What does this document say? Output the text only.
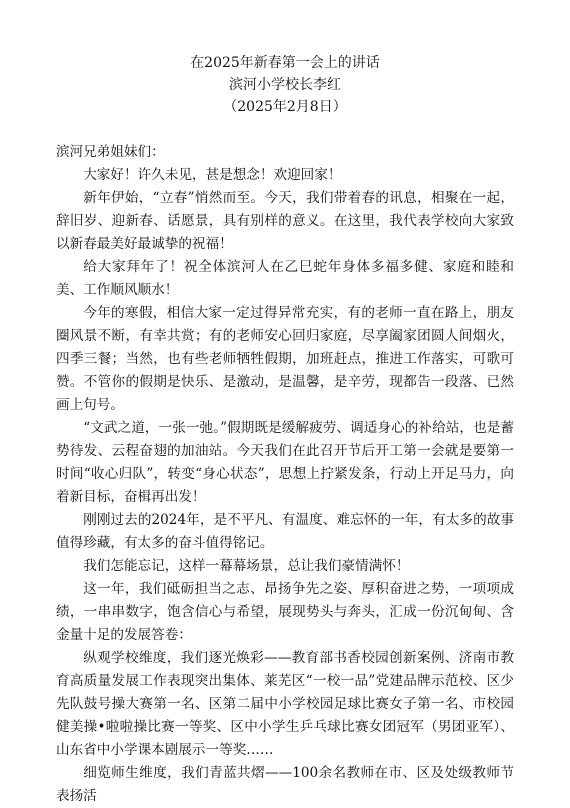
在2025年新春第一会上的讲话

滨河小学校长李红

（2025年2月8日）

滨河兄弟姐妹们：

大家好！许久未见，甚是想念！欢迎回家！

新年伊始，“立春”悄然而至。今天，我们带着春的讯息，相聚在一起，辞旧岁、迎新春、话愿景，具有别样的意义。在这里，我代表学校向大家致以新春最美好最诚挚的祝福！

给大家拜年了！祝全体滨河人在乙巳蛇年身体多福多健、家庭和睦和美、工作顺风顺水！

今年的寒假，相信大家一定过得异常充实，有的老师一直在路上，朋友圈风景不断，有幸共赏；有的老师安心回归家庭，尽享阖家团圆人间烟火，四季三餐；当然，也有些老师牺牲假期，加班赶点，推进工作落实，可歌可赞。不管你的假期是快乐、是激动，是温馨，是辛劳，现都告一段落、已然画上句号。

“文武之道，一张一弛。”假期既是缓解疲劳、调适身心的补给站，也是蓄势待发、云程奋翅的加油站。今天我们在此召开节后开工第一会就是要第一时间“收心归队”，转变“身心状态”，思想上拧紧发条，行动上开足马力，向着新目标，奋楫再出发！

刚刚过去的2024年，是不平凡、有温度、难忘怀的一年，有太多的故事值得珍藏，有太多的奋斗值得铭记。

我们怎能忘记，这样一幕幕场景，总让我们豪情满怀！

这一年，我们砥砺担当之志、昂扬争先之姿、厚积奋进之势，一项项成绩，一串串数字，饱含信心与希望，展现势头与奔头，汇成一份沉甸甸、含金量十足的发展答卷：

纵观学校维度，我们逐光焕彩——教育部书香校园创新案例、济南市教育高质量发展工作表现突出集体、莱芜区“一校一品”党建品牌示范校、区少先队鼓号操大赛第一名、区第二届中小学校园足球比赛女子第一名、市校园健美操•啦啦操比赛一等奖、区中小学生乒乓球比赛女团冠军（男团亚军）、山东省中小学课本剧展示一等奖……

细览师生维度，我们青蓝共熠——100余名教师在市、区及处级教师节表扬活
